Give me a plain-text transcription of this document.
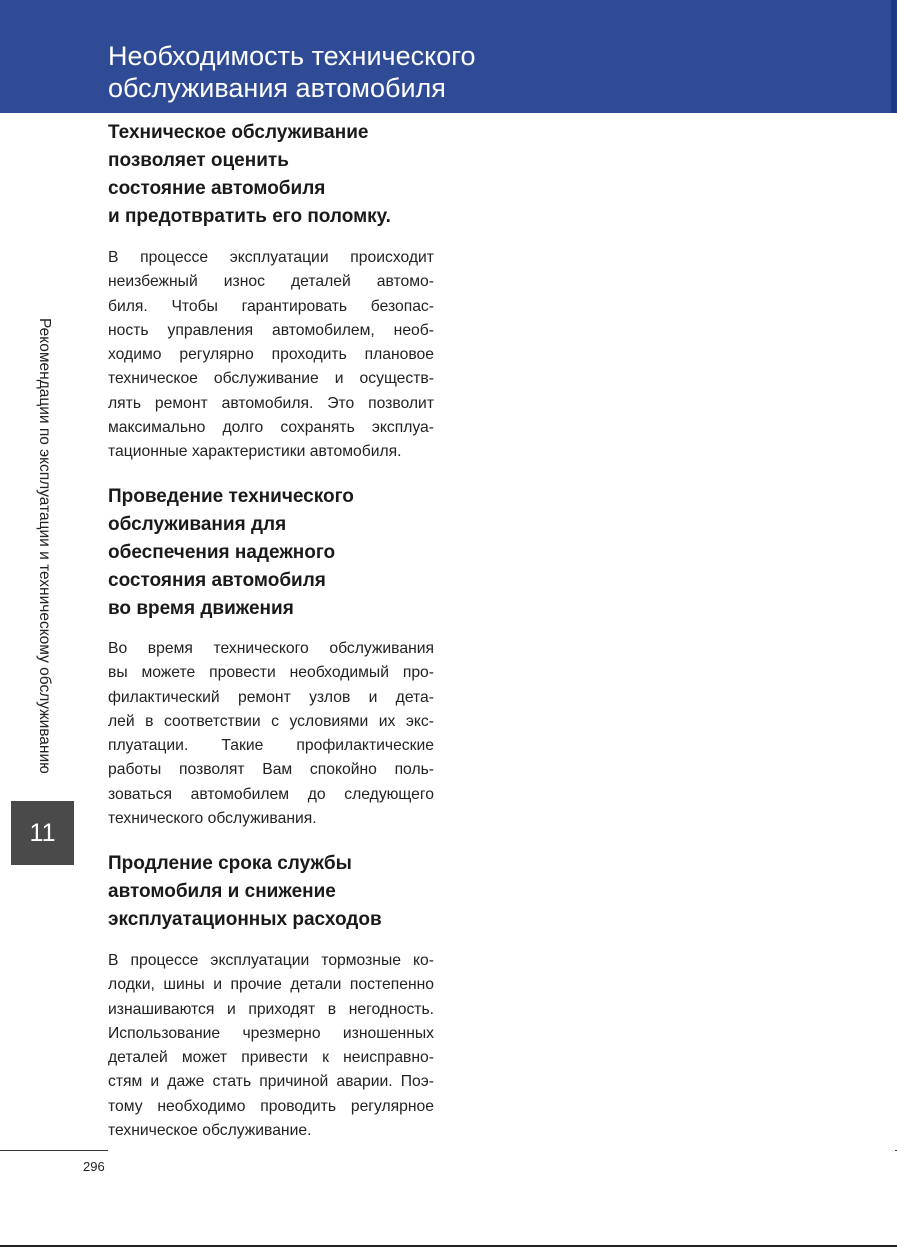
Необходимость технического
обслуживания автомобиля
Рекомендации по эксплуатации и техническому обслуживанию
11
Техническое обслуживание
позволяет оценить
состояние автомобиля
и предотвратить его поломку.

В процессе эксплуатации происходит
неизбежный износ деталей автомо-
биля. Чтобы гарантировать безопас-
ность управления автомобилем, необ-
ходимо регулярно проходить плановое
техническое обслуживание и осуществ-
лять ремонт автомобиля. Это позволит
максимально долго сохранять эксплуа-
тационные характеристики автомобиля.

Проведение технического
обслуживания для
обеспечения надежного
состояния автомобиля
во время движения

Во время технического обслуживания
вы можете провести необходимый про-
филактический ремонт узлов и дета-
лей в соответствии с условиями их экс-
плуатации. Такие профилактические
работы позволят Вам спокойно поль-
зоваться автомобилем до следующего
технического обслуживания.

Продление срока службы
автомобиля и снижение
эксплуатационных расходов

В процессе эксплуатации тормозные ко-
лодки, шины и прочие детали постепенно
изнашиваются и приходят в негодность.
Использование чрезмерно изношенных
деталей может привести к неисправно-
стям и даже стать причиной аварии. Поэ-
тому необходимо проводить регулярное
техническое обслуживание.

296
